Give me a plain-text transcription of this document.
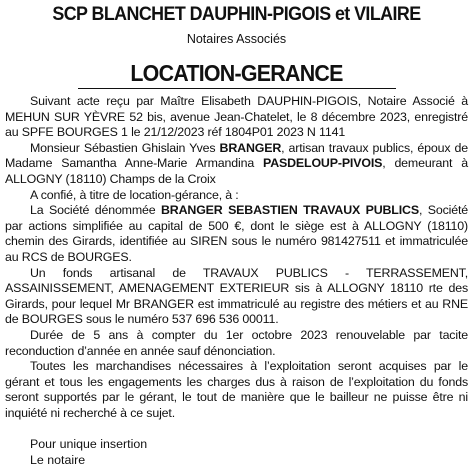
SCP BLANCHET DAUPHIN-PIGOIS et VILAIRE
Notaires Associés
LOCATION-GERANCE

Suivant acte reçu par Maître Elisabeth DAUPHIN-PIGOIS, Notaire Associé à MEHUN SUR YÈVRE 52 bis, avenue Jean-Chatelet, le 8 décembre 2023, enregistré au SPFE BOURGES 1 le 21/12/2023 réf 1804P01 2023 N 1141

Monsieur Sébastien Ghislain Yves BRANGER, artisan travaux publics, époux de Madame Samantha Anne-Marie Armandina PASDELOUP-PIVOIS, demeurant à ALLOGNY (18110) Champs de la Croix

A confié, à titre de location-gérance, à :

La Société dénommée BRANGER SEBASTIEN TRAVAUX PUBLICS, Société par actions simplifiée au capital de 500 €, dont le siège est à ALLOGNY (18110) chemin des Girards, identifiée au SIREN sous le numéro 981427511 et immatriculée au RCS de BOURGES.

Un fonds artisanal de TRAVAUX PUBLICS - TERRASSEMENT, ASSAINISSEMENT, AMENAGEMENT EXTERIEUR sis à ALLOGNY 18110 rte des Girards, pour lequel Mr BRANGER est immatriculé au registre des métiers et au RNE de BOURGES sous le numéro 537 696 536 00011.

Durée de 5 ans à compter du 1er octobre 2023 renouvelable par tacite reconduction d’année en année sauf dénonciation.

Toutes les marchandises nécessaires à l’exploitation seront acquises par le gérant et tous les engagements les charges dus à raison de l’exploitation du fonds seront supportés par le gérant, le tout de manière que le bailleur ne puisse être ni inquiété ni recherché à ce sujet.

Pour unique insertion
Le notaire
